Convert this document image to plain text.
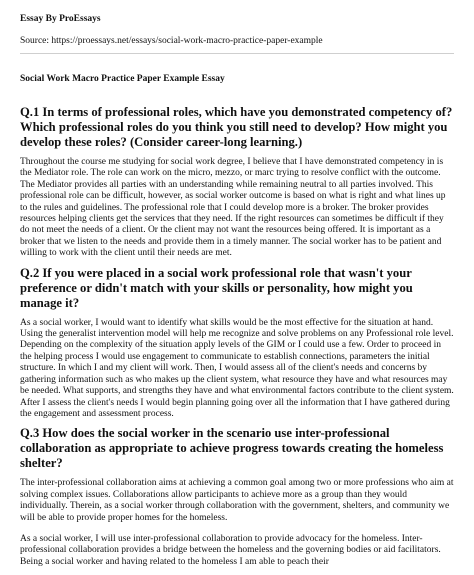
Essay By ProEssays

Source: https://proessays.net/essays/social-work-macro-practice-paper-example

Social Work Macro Practice Paper Example Essay

Q.1 In terms of professional roles, which have you demonstrated competency of? Which professional roles do you think you still need to develop? How might you develop these roles? (Consider career-long learning.)

Throughout the course me studying for social work degree, I believe that I have demonstrated competency in is the Mediator role. The role can work on the micro, mezzo, or marc trying to resolve conflict with the outcome. The Mediator provides all parties with an understanding while remaining neutral to all parties involved. This professional role can be difficult, however, as social worker outcome is based on what is right and what lines up to the rules and guidelines. The professional role that I could develop more is a broker. The broker provides resources helping clients get the services that they need. If the right resources can sometimes be difficult if they do not meet the needs of a client. Or the client may not want the resources being offered. It is important as a broker that we listen to the needs and provide them in a timely manner. The social worker has to be patient and willing to work with the client until their needs are met.

Q.2 If you were placed in a social work professional role that wasn't your preference or didn't match with your skills or personality, how might you manage it?

As a social worker, I would want to identify what skills would be the most effective for the situation at hand. Using the generalist intervention model will help me recognize and solve problems on any Professional role level. Depending on the complexity of the situation apply levels of the GIM or I could use a few. Order to proceed in the helping process I would use engagement to communicate to establish connections, parameters the initial structure. In which I and my client will work. Then, I would assess all of the client's needs and concerns by gathering information such as who makes up the client system, what resource they have and what resources may be needed. What supports, and strengths they have and what environmental factors contribute to the client system. After I assess the client's needs I would begin planning going over all the information that I have gathered during the engagement and assessment process.

Q.3 How does the social worker in the scenario use inter-professional collaboration as appropriate to achieve progress towards creating the homeless shelter?

The inter-professional collaboration aims at achieving a common goal among two or more professions who aim at solving complex issues. Collaborations allow participants to achieve more as a group than they would individually. Therein, as a social worker through collaboration with the government, shelters, and community we will be able to provide proper homes for the homeless.

As a social worker, I will use inter-professional collaboration to provide advocacy for the homeless. Inter-professional collaboration provides a bridge between the homeless and the governing bodies or aid facilitators. Being a social worker and having related to the homeless I am able to peach their
